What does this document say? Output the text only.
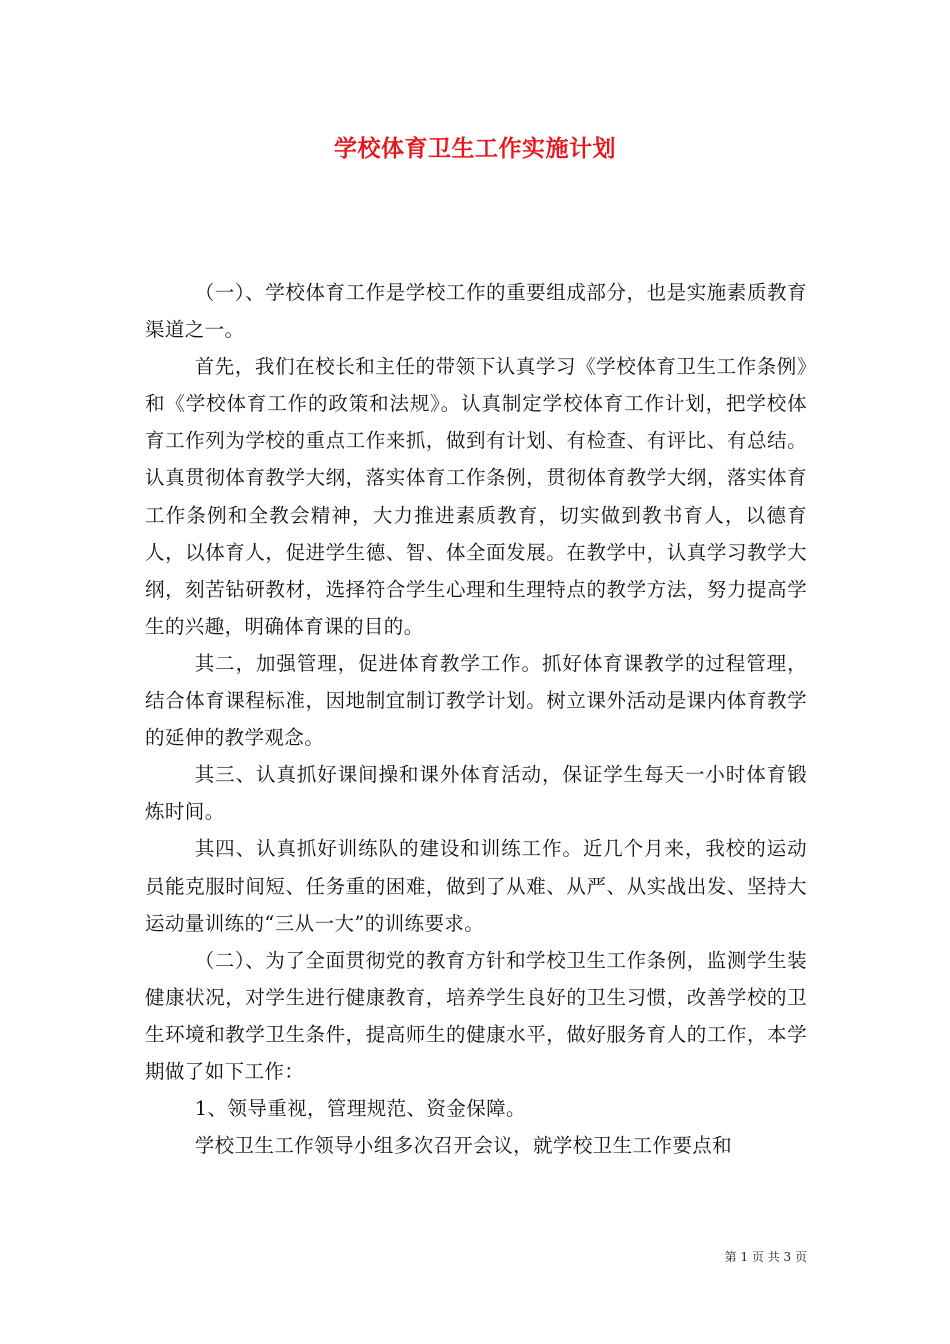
学校体育卫生工作实施计划

（一）、学校体育工作是学校工作的重要组成部分，也是实施素质教育渠道之一。

首先，我们在校长和主任的带领下认真学习《学校体育卫生工作条例》和《学校体育工作的政策和法规》。认真制定学校体育工作计划，把学校体育工作列为学校的重点工作来抓，做到有计划、有检查、有评比、有总结。认真贯彻体育教学大纲，落实体育工作条例，贯彻体育教学大纲，落实体育工作条例和全教会精神，大力推进素质教育，切实做到教书育人，以德育人，以体育人，促进学生德、智、体全面发展。在教学中，认真学习教学大纲，刻苦钻研教材，选择符合学生心理和生理特点的教学方法，努力提高学生的兴趣，明确体育课的目的。

其二，加强管理，促进体育教学工作。抓好体育课教学的过程管理，结合体育课程标准，因地制宜制订教学计划。树立课外活动是课内体育教学的延伸的教学观念。

其三、认真抓好课间操和课外体育活动，保证学生每天一小时体育锻炼时间。

其四、认真抓好训练队的建设和训练工作。近几个月来，我校的运动员能克服时间短、任务重的困难，做到了从难、从严、从实战出发、坚持大运动量训练的“三从一大”的训练要求。

（二）、为了全面贯彻党的教育方针和学校卫生工作条例，监测学生装健康状况，对学生进行健康教育，培养学生良好的卫生习惯，改善学校的卫生环境和教学卫生条件，提高师生的健康水平，做好服务育人的工作，本学期做了如下工作：

1、领导重视，管理规范、资金保障。

学校卫生工作领导小组多次召开会议，就学校卫生工作要点和

第 1 页 共 3 页
